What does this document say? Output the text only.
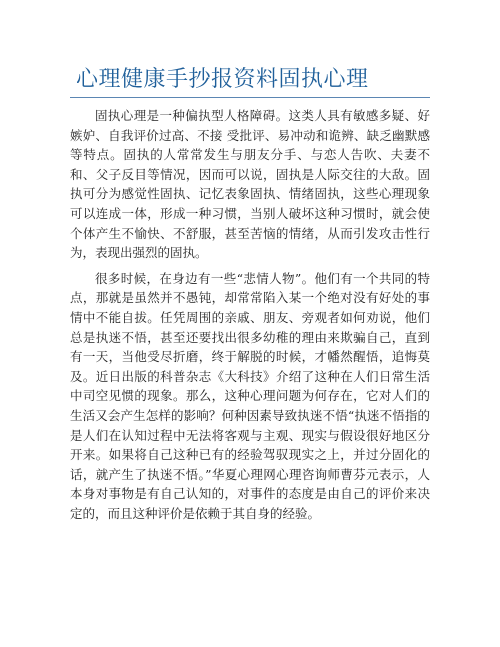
心理健康手抄报资料固执心理

固执心理是一种偏执型人格障碍。这类人具有敏感多疑、好嫉妒、自我评价过高、不接 受批评、易冲动和诡辨、缺乏幽默感等特点。固执的人常常发生与朋友分手、与恋人告吹、夫妻不和、父子反目等情况，因而可以说，固执是人际交往的大敌。固执可分为感觉性固执、记忆表象固执、情绪固执，这些心理现象可以连成一体，形成一种习惯，当别人破坏这种习惯时，就会使个体产生不愉快、不舒服，甚至苦恼的情绪，从而引发攻击性行为，表现出强烈的固执。

很多时候，在身边有一些“悲情人物”。他们有一个共同的特点，那就是虽然并不愚钝，却常常陷入某一个绝对没有好处的事情中不能自拔。任凭周围的亲戚、朋友、旁观者如何劝说，他们总是执迷不悟，甚至还要找出很多幼稚的理由来欺骗自己，直到有一天，当他受尽折磨，终于解脱的时候，才幡然醒悟，追悔莫及。近日出版的科普杂志《大科技》介绍了这种在人们日常生活中司空见惯的现象。那么，这种心理问题为何存在，它对人们的生活又会产生怎样的影响？何种因素导致执迷不悟“执迷不悟指的是人们在认知过程中无法将客观与主观、现实与假设很好地区分开来。如果将自己这种已有的经验驾驭现实之上，并过分固化的话，就产生了执迷不悟。”华夏心理网心理咨询师曹芬元表示，人本身对事物是有自己认知的，对事件的态度是由自己的评价来决定的，而且这种评价是依赖于其自身的经验。
